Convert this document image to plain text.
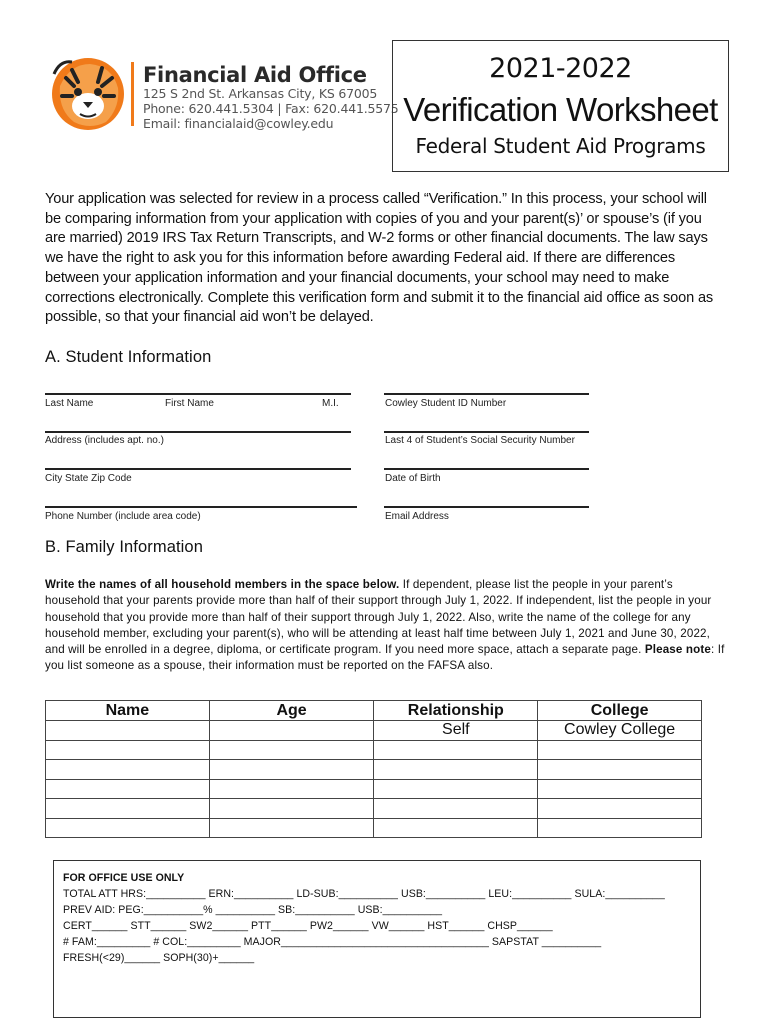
Financial Aid Office
125 S 2nd St. Arkansas City, KS 67005
Phone: 620.441.5304 | Fax: 620.441.5575
Email: financialaid@cowley.edu
2021-2022
Verification Worksheet
Federal Student Aid Programs
Your application was selected for review in a process called “Verification.” In this process, your school will be comparing information from your application with copies of you and your parent(s)’ or spouse’s (if you are married) 2019 IRS Tax Return Transcripts, and W-2 forms or other financial documents. The law says we have the right to ask you for this information before awarding Federal aid. If there are differences between your application information and your financial documents, your school may need to make corrections electronically. Complete this verification form and submit it to the financial aid office as soon as possible, so that your financial aid won’t be delayed.
A. Student Information
Last Name	First Name	M.I.	Cowley Student ID Number
Address (includes apt. no.)	Last 4 of Student’s Social Security Number
City State Zip Code	Date of Birth
Phone Number (include area code)	Email Address
B. Family Information
Write the names of all household members in the space below. If dependent, please list the people in your parent’s household that your parents provide more than half of their support through July 1, 2022. If independent, list the people in your household that you provide more than half of their support through July 1, 2022. Also, write the name of the college for any household member, excluding your parent(s), who will be attending at least half time between July 1, 2021 and June 30, 2022, and will be enrolled in a degree, diploma, or certificate program. If you need more space, attach a separate page. Please note: If you list someone as a spouse, their information must be reported on the FAFSA also.
Name	Age	Relationship	College
		Self	Cowley College

FOR OFFICE USE ONLY
TOTAL ATT HRS:__________ ERN:__________ LD-SUB:__________ USB:__________ LEU:__________ SULA:__________
PREV AID: PEG:__________% __________ SB:__________ USB:__________
CERT______ STT______ SW2______ PTT______ PW2______ VW______ HST______ CHSP______
# FAM:_________ # COL:_________ MAJOR___________________________________ SAPSTAT __________
FRESH(<29)______ SOPH(30)+______
